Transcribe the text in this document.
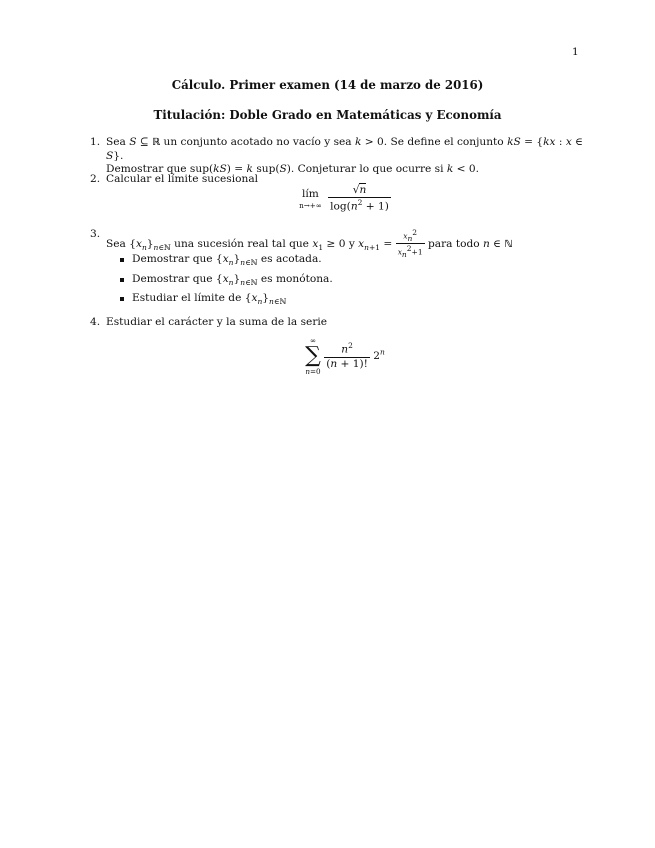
1
Cálculo. Primer examen (14 de marzo de 2016)
Titulación: Doble Grado en Matemáticas y Economía
1. Sea S ⊆ ℝ un conjunto acotado no vacío y sea k > 0. Se define el conjunto kS = {kx : x ∈ S}.
Demostrar que sup(kS) = k sup(S). Conjeturar lo que ocurre si k < 0.
2. Calcular el límite sucesional
lím
n→+∞
$\frac{√n}{\log(n^2 + 1)}$
3.
Sea $\{x_n\}_{n\in ℕ}$ una sucesión real tal que $x_1 \ge 0$ y $x_{n+1} = \frac{x_n^2}{x_n^2+1}$ para todo n ∈ ℕ
Demostrar que $\{x_n\}_{n\in ℕ}$ es acotada.
Demostrar que $\{x_n\}_{n\in ℕ}$ es monótona.
Estudiar el límite de $\{x_n\}_{n\in ℕ}$
4. Estudiar el carácter y la suma de la serie
∞
∑
n=0

$\frac{n^2}{(n + 1)!} 2^n$
